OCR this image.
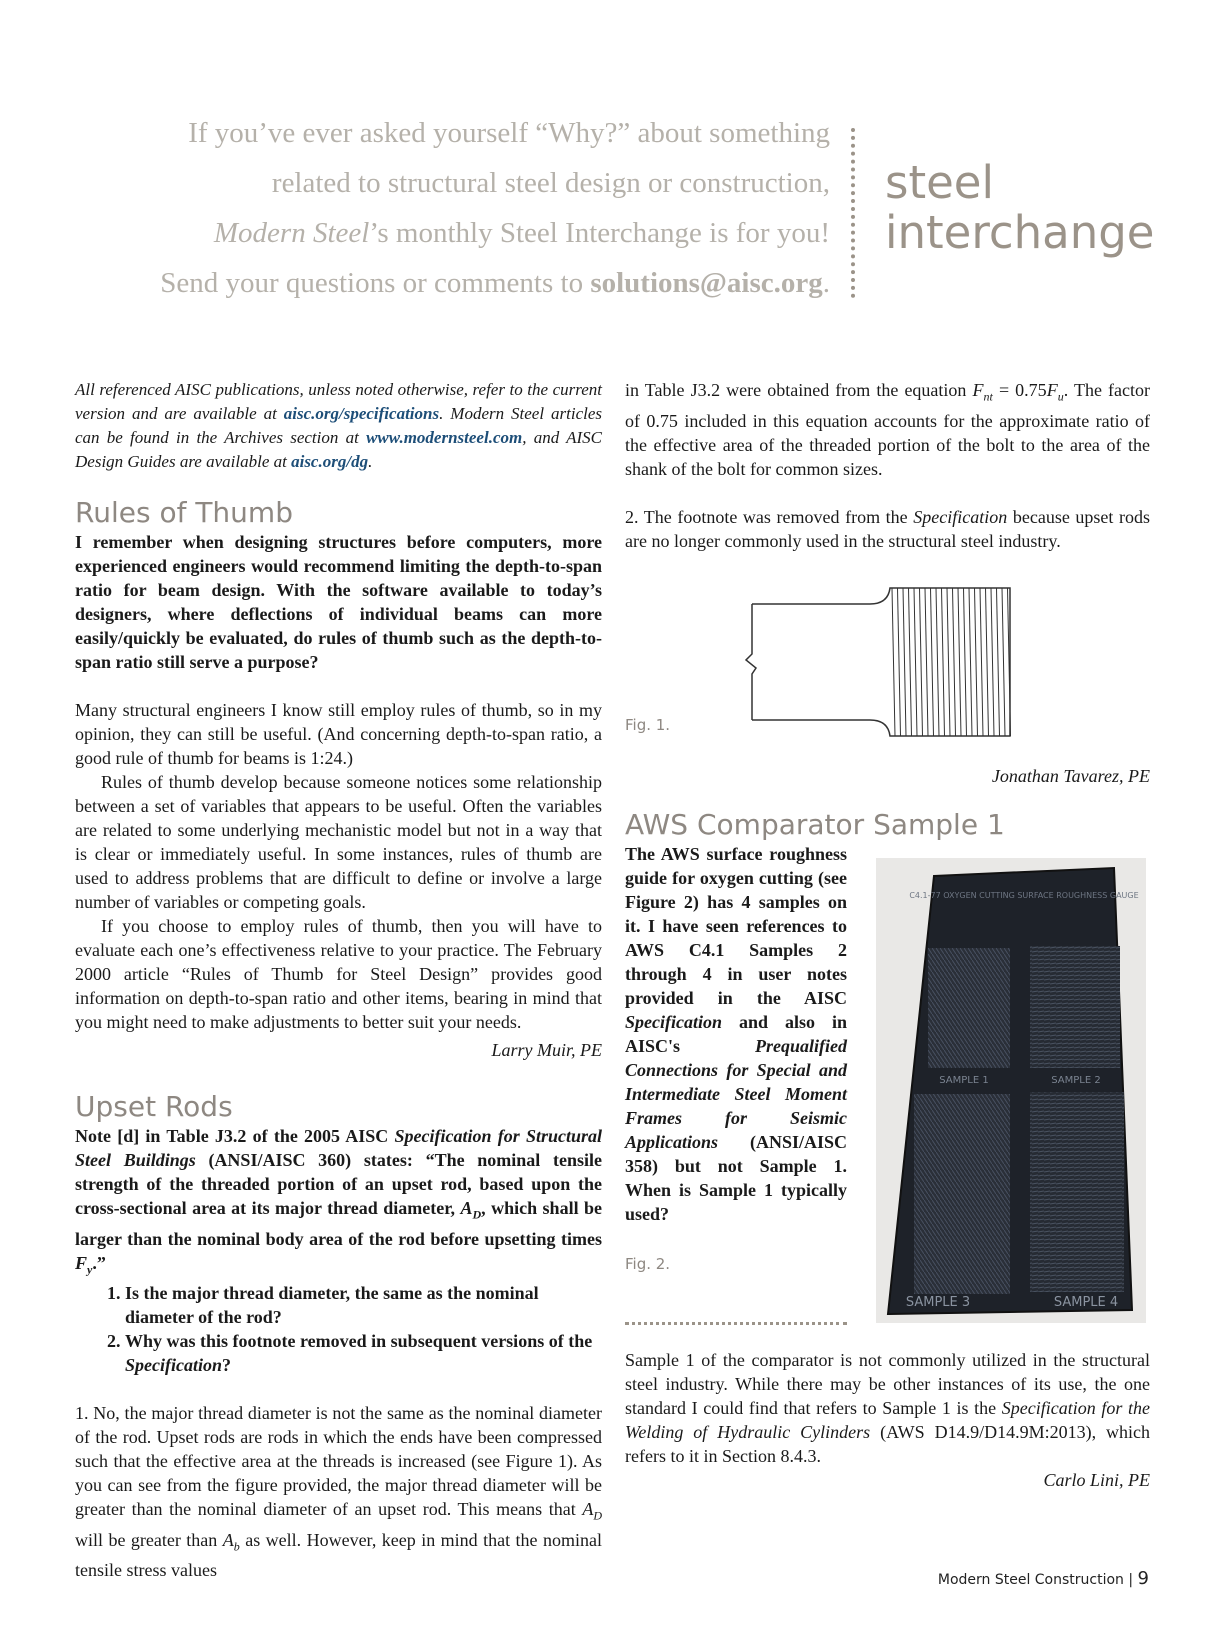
If you’ve ever asked yourself “Why?” about something
related to structural steel design or construction,
Modern Steel’s monthly Steel Interchange is for you!
Send your questions or comments to solutions@aisc.org.
steel
interchange

All referenced AISC publications, unless noted otherwise, refer to the current version and are available at aisc.org/specifications. Modern Steel articles can be found in the Archives section at www.modernsteel.com, and AISC Design Guides are available at aisc.org/dg.

Rules of Thumb

I remember when designing structures before computers, more experienced engineers would recommend limiting the depth-to-span ratio for beam design. With the software available to today’s designers, where deflections of individual beams can more easily/quickly be evaluated, do rules of thumb such as the depth-to-span ratio still serve a purpose?

Many structural engineers I know still employ rules of thumb, so in my opinion, they can still be useful. (And concerning depth-to-span ratio, a good rule of thumb for beams is 1:24.)

Rules of thumb develop because someone notices some relationship between a set of variables that appears to be useful. Often the variables are related to some underlying mechanistic model but not in a way that is clear or immediately useful. In some instances, rules of thumb are used to address problems that are difficult to define or involve a large number of variables or competing goals.

If you choose to employ rules of thumb, then you will have to evaluate each one’s effectiveness relative to your practice. The February 2000 article “Rules of Thumb for Steel Design” provides good information on depth-to-span ratio and other items, bearing in mind that you might need to make adjustments to better suit your needs.

Larry Muir, PE

Upset Rods

Note [d] in Table J3.2 of the 2005 AISC Specification for Structural Steel Buildings (ANSI/AISC 360) states: “The nominal tensile strength of the threaded portion of an upset rod, based upon the cross-sectional area at its major thread diameter, $A_D$, which shall be larger than the nominal body area of the rod before upsetting times $F_y$.”

1. Is the major thread diameter, the same as the nominal diameter of the rod?
2. Why was this footnote removed in subsequent versions of the Specification?

1. No, the major thread diameter is not the same as the nominal diameter of the rod. Upset rods are rods in which the ends have been compressed such that the effective area at the threads is increased (see Figure 1). As you can see from the figure provided, the major thread diameter will be greater than the nominal diameter of an upset rod. This means that $A_D$ will be greater than $A_b$ as well. However, keep in mind that the nominal tensile stress values

in Table J3.2 were obtained from the equation $F_{nt} = 0.75F_u$. The factor of 0.75 included in this equation accounts for the approximate ratio of the effective area of the threaded portion of the bolt to the area of the shank of the bolt for common sizes.

2. The footnote was removed from the Specification because upset rods are no longer commonly used in the structural steel industry.

Fig. 1.
Jonathan Tavarez, PE
AWS Comparator Sample 1
The AWS surface roughness guide for oxygen cutting (see Figure 2) has 4 samples on it. I have seen references to AWS C4.1 Samples 2 through 4 in user notes provided in the AISC Specification and also in AISC's Prequalified Connections for Special and Intermediate Steel Moment Frames for Seismic Applications (ANSI/AISC 358) but not Sample 1. When is Sample 1 typically used?
Fig. 2.
C4.1-77 OXYGEN CUTTING SURFACE ROUGHNESS GAUGE
SAMPLE 1	SAMPLE 2
SAMPLE 3	SAMPLE 4

Sample 1 of the comparator is not commonly utilized in the structural steel industry. While there may be other instances of its use, the one standard I could find that refers to Sample 1 is the Specification for the Welding of Hydraulic Cylinders (AWS D14.9/D14.9M:2013), which refers to it in Section 8.4.3.

Carlo Lini, PE

Modern Steel Construction | 9
